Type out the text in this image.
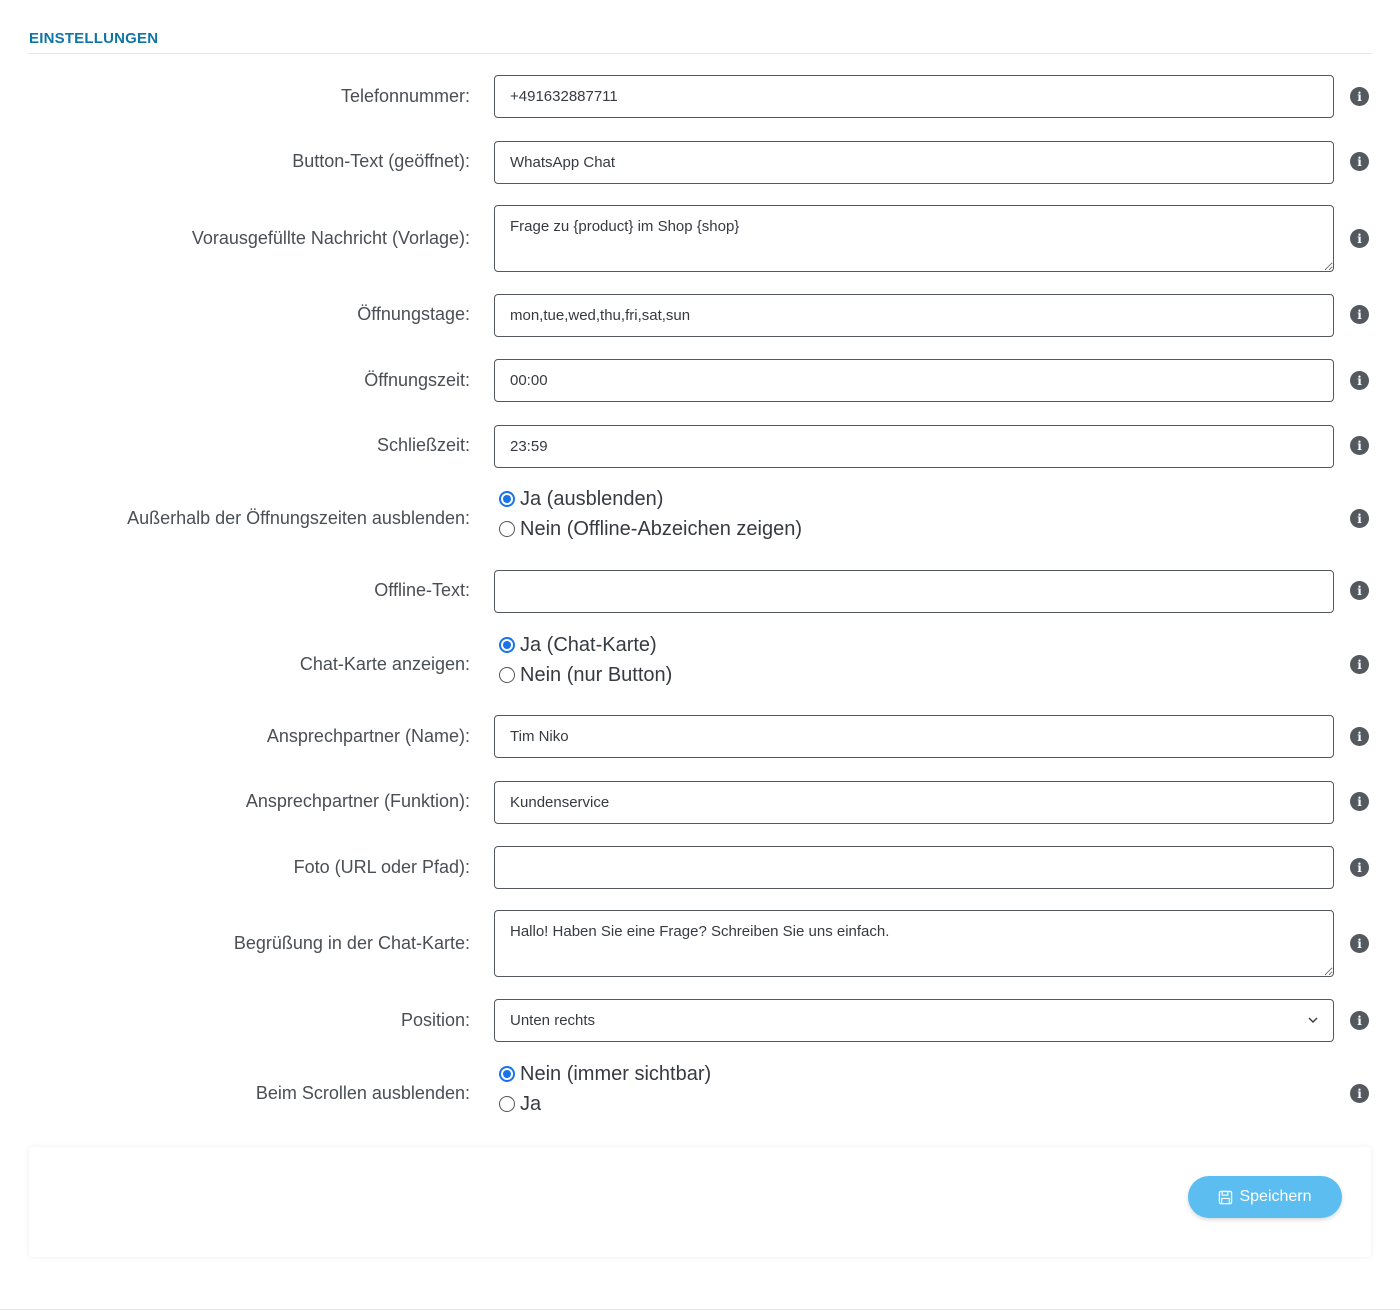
EINSTELLUNGEN
Telefonnummer:
+491632887711	i
Button-Text (geöffnet):
WhatsApp Chat	i
Vorausgefüllte Nachricht (Vorlage):
Frage zu {product} im Shop {shop}	i
Öffnungstage:
mon,tue,wed,thu,fri,sat,sun	i
Öffnungszeit:
00:00	i
Schließzeit:
23:59	i
Außerhalb der Öffnungszeiten ausblenden:
Ja (ausblenden)
Nein (Offline-Abzeichen zeigen)	i
Offline-Text:	i
Chat-Karte anzeigen:
Ja (Chat-Karte)
Nein (nur Button)	i
Ansprechpartner (Name):
Tim Niko	i
Ansprechpartner (Funktion):
Kundenservice	i
Foto (URL oder Pfad):	i
Begrüßung in der Chat-Karte:
Hallo! Haben Sie eine Frage? Schreiben Sie uns einfach.	i
Position:	Unten rechts	i
Beim Scrollen ausblenden:
Nein (immer sichtbar)
Ja	i
Speichern
